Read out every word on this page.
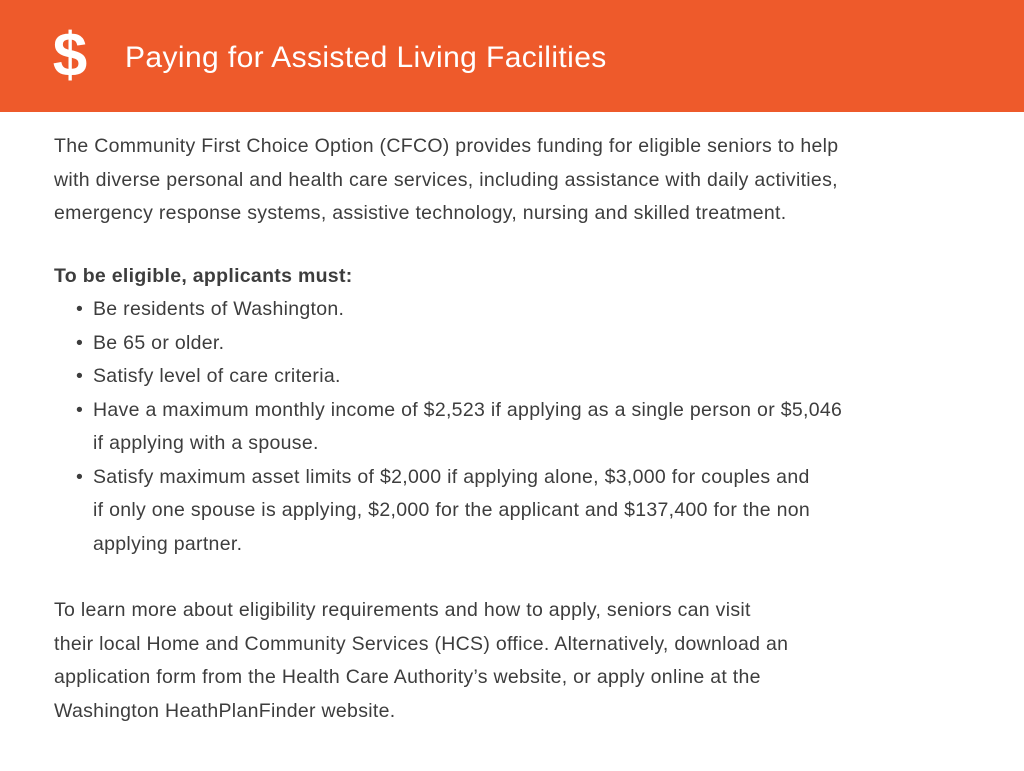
$ Paying for Assisted Living Facilities

The Community First Choice Option (CFCO) provides funding for eligible seniors to help
with diverse personal and health care services, including assistance with daily activities,
emergency response systems, assistive technology, nursing and skilled treatment.

To be eligible, applicants must:

• Be residents of Washington.
• Be 65 or older.
• Satisfy level of care criteria.
• Have a maximum monthly income of $2,523 if applying as a single person or $5,046
if applying with a spouse.
• Satisfy maximum asset limits of $2,000 if applying alone, $3,000 for couples and
if only one spouse is applying, $2,000 for the applicant and $137,400 for the non
applying partner.

To learn more about eligibility requirements and how to apply, seniors can visit
their local Home and Community Services (HCS) office. Alternatively, download an
application form from the Health Care Authority’s website, or apply online at the
Washington HeathPlanFinder website.
